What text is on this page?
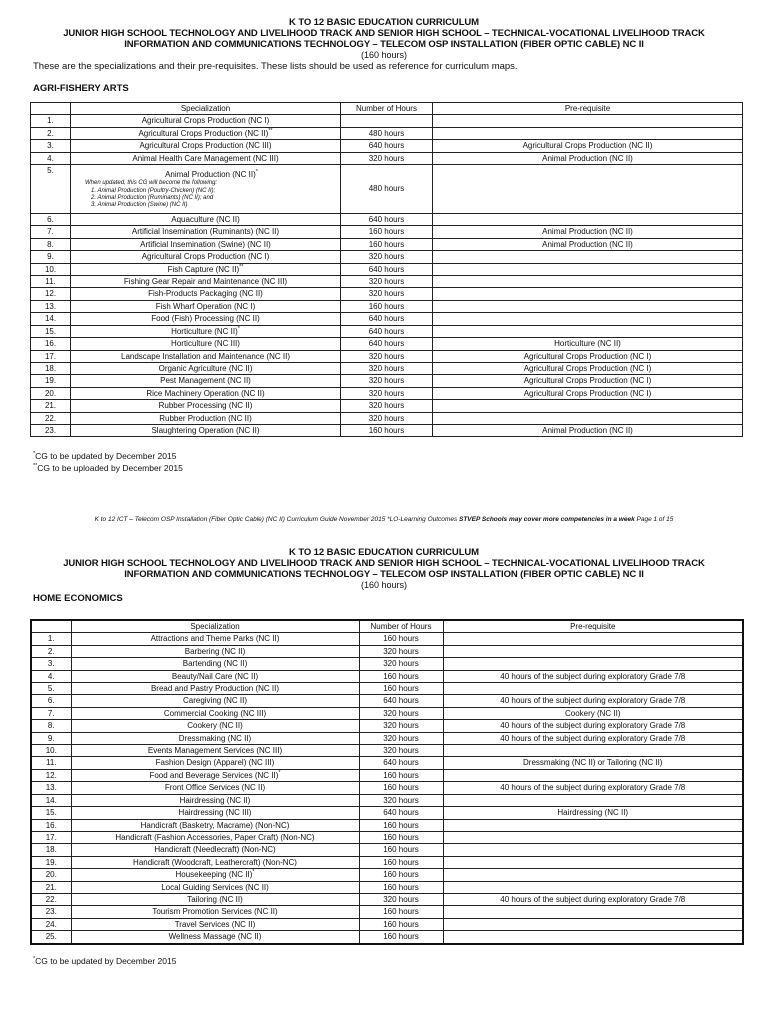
K TO 12 BASIC EDUCATION CURRICULUM
JUNIOR HIGH SCHOOL TECHNOLOGY AND LIVELIHOOD TRACK AND SENIOR HIGH SCHOOL – TECHNICAL-VOCATIONAL LIVELIHOOD TRACK
INFORMATION AND COMMUNICATIONS TECHNOLOGY – TELECOM OSP INSTALLATION (FIBER OPTIC CABLE) NC II
(160 hours)
These are the specializations and their pre-requisites. These lists should be used as reference for curriculum maps.
AGRI-FISHERY ARTS
	Specialization	Number of Hours	Pre-requisite
1.	Agricultural Crops Production (NC I)		
2.	Agricultural Crops Production (NC II)**	480 hours	
3.	Agricultural Crops Production (NC III)	640 hours	Agricultural Crops Production (NC II)
4.	Animal Health Care Management (NC III)	320 hours	Animal Production (NC II)
5.	Animal Production (NC II)*
When updated, this CG will become the following:
1. Animal Production (Poultry-Chicken) (NC II);
2. Animal Production (Ruminants) (NC II); and
3. Animal Production (Swine) (NC II)	480 hours	
6.	Aquaculture (NC II)	640 hours	
7.	Artificial Insemination (Ruminants) (NC II)	160 hours	Animal Production (NC II)
8.	Artificial Insemination (Swine) (NC II)	160 hours	Animal Production (NC II)
9.	Agricultural Crops Production (NC I)	320 hours	
10.	Fish Capture (NC II)**	640 hours	
11.	Fishing Gear Repair and Maintenance (NC III)	320 hours	
12.	Fish-Products Packaging (NC II)	320 hours	
13.	Fish Wharf Operation (NC I)	160 hours	
14.	Food (Fish) Processing (NC II)	640 hours	
15.	Horticulture (NC II)*	640 hours	
16.	Horticulture (NC III)	640 hours	Horticulture (NC II)
17.	Landscape Installation and Maintenance (NC II)	320 hours	Agricultural Crops Production (NC I)
18.	Organic Agriculture (NC II)	320 hours	Agricultural Crops Production (NC I)
19.	Pest Management (NC II)	320 hours	Agricultural Crops Production (NC I)
20.	Rice Machinery Operation (NC II)	320 hours	Agricultural Crops Production (NC I)
21.	Rubber Processing (NC II)	320 hours	
22.	Rubber Production (NC II)	320 hours	
23.	Slaughtering Operation (NC II)	160 hours	Animal Production (NC II)
*CG to be updated by December 2015
**CG to be uploaded by December 2015
K to 12 ICT – Telecom OSP Installation (Fiber Optic Cable) (NC II) Curriculum Guide November 2015 *LO-Learning Outcomes STVEP Schools may cover more competencies in a week Page 1 of 15
K TO 12 BASIC EDUCATION CURRICULUM
JUNIOR HIGH SCHOOL TECHNOLOGY AND LIVELIHOOD TRACK AND SENIOR HIGH SCHOOL – TECHNICAL-VOCATIONAL LIVELIHOOD TRACK
INFORMATION AND COMMUNICATIONS TECHNOLOGY – TELECOM OSP INSTALLATION (FIBER OPTIC CABLE) NC II
(160 hours)
HOME ECONOMICS
	Specialization	Number of Hours	Pre-requisite
1.	Attractions and Theme Parks (NC II)	160 hours	
2.	Barbering (NC II)	320 hours	
3.	Bartending (NC II)	320 hours	
4.	Beauty/Nail Care (NC II)	160 hours	40 hours of the subject during exploratory Grade 7/8
5.	Bread and Pastry Production (NC II)	160 hours	
6.	Caregiving (NC II)	640 hours	40 hours of the subject during exploratory Grade 7/8
7.	Commercial Cooking (NC III)	320 hours	Cookery (NC II)
8.	Cookery (NC II)	320 hours	40 hours of the subject during exploratory Grade 7/8
9.	Dressmaking (NC II)	320 hours	40 hours of the subject during exploratory Grade 7/8
10.	Events Management Services (NC III)	320 hours	
11.	Fashion Design (Apparel) (NC III)	640 hours	Dressmaking (NC II) or Tailoring (NC II)
12.	Food and Beverage Services (NC II)*	160 hours	
13.	Front Office Services (NC II)	160 hours	40 hours of the subject during exploratory Grade 7/8
14.	Hairdressing (NC II)	320 hours	
15.	Hairdressing (NC III)	640 hours	Hairdressing (NC II)
16.	Handicraft (Basketry, Macrame) (Non-NC)	160 hours	
17.	Handicraft (Fashion Accessories, Paper Craft) (Non-NC)	160 hours	
18.	Handicraft (Needlecraft) (Non-NC)	160 hours	
19.	Handicraft (Woodcraft, Leathercraft) (Non-NC)	160 hours	
20.	Housekeeping (NC II)*	160 hours	
21.	Local Guiding Services (NC II)	160 hours	
22.	Tailoring (NC II)	320 hours	40 hours of the subject during exploratory Grade 7/8
23.	Tourism Promotion Services (NC II)	160 hours	
24.	Travel Services (NC II)	160 hours	
25.	Wellness Massage (NC II)	160 hours	
*CG to be updated by December 2015
